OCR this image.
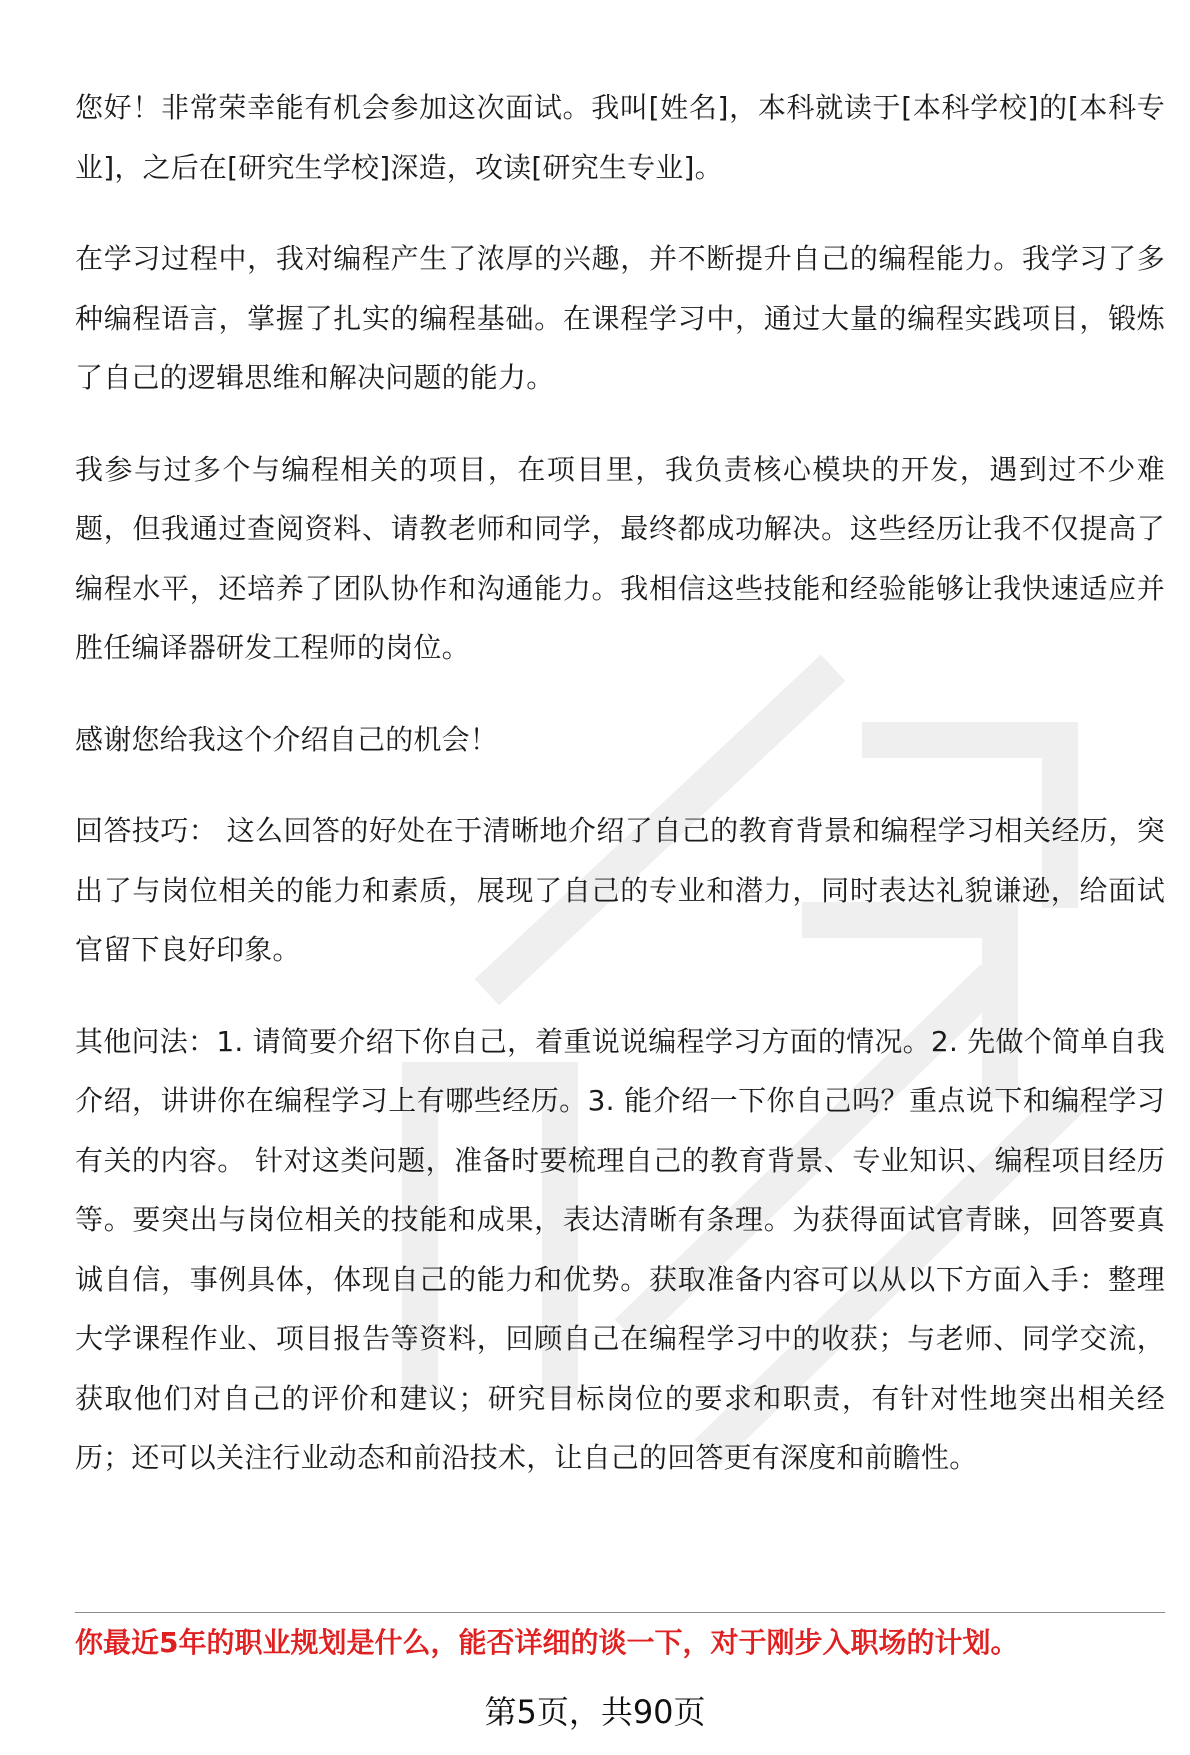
您好！非常荣幸能有机会参加这次面试。我叫[姓名]，本科就读于[本科学校]的[本科专业]，之后在[研究生学校]深造，攻读[研究生专业]。

在学习过程中，我对编程产生了浓厚的兴趣，并不断提升自己的编程能力。我学习了多种编程语言，掌握了扎实的编程基础。在课程学习中，通过大量的编程实践项目，锻炼了自己的逻辑思维和解决问题的能力。

我参与过多个与编程相关的项目，在项目里，我负责核心模块的开发，遇到过不少难题，但我通过查阅资料、请教老师和同学，最终都成功解决。这些经历让我不仅提高了编程水平，还培养了团队协作和沟通能力。我相信这些技能和经验能够让我快速适应并胜任编译器研发工程师的岗位。

感谢您给我这个介绍自己的机会！

回答技巧： 这么回答的好处在于清晰地介绍了自己的教育背景和编程学习相关经历，突出了与岗位相关的能力和素质，展现了自己的专业和潜力，同时表达礼貌谦逊，给面试官留下良好印象。

其他问法：1. 请简要介绍下你自己，着重说说编程学习方面的情况。2. 先做个简单自我介绍，讲讲你在编程学习上有哪些经历。3. 能介绍一下你自己吗？重点说下和编程学习有关的内容。 针对这类问题，准备时要梳理自己的教育背景、专业知识、编程项目经历等。要突出与岗位相关的技能和成果，表达清晰有条理。为获得面试官青睐，回答要真诚自信，事例具体，体现自己的能力和优势。获取准备内容可以从以下方面入手：整理大学课程作业、项目报告等资料，回顾自己在编程学习中的收获；与老师、同学交流，获取他们对自己的评价和建议；研究目标岗位的要求和职责，有针对性地突出相关经历；还可以关注行业动态和前沿技术，让自己的回答更有深度和前瞻性。

你最近5年的职业规划是什么，能否详细的谈一下，对于刚步入职场的计划。
第5页，共90页
